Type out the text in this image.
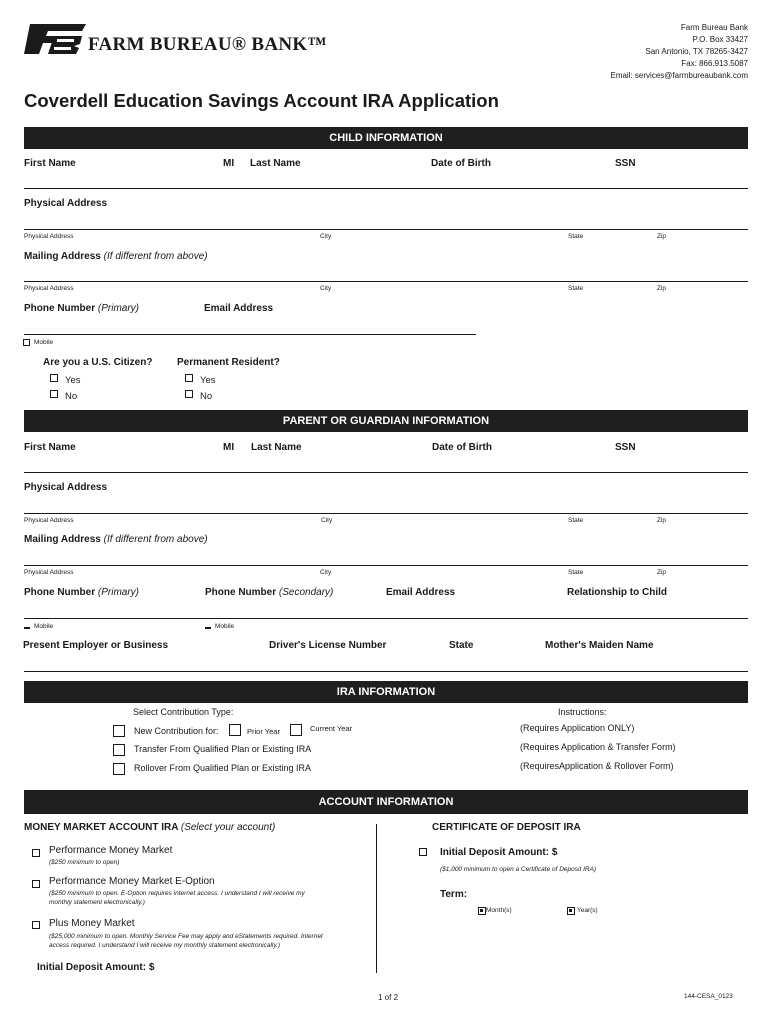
FARM BUREAU® BANK™
Farm Bureau Bank
P.O. Box 33427
San Antonio, TX 78265-3427
Fax: 866.913.5087
Email: services@farmbureaubank.com
Coverdell Education Savings Account IRA Application
CHILD INFORMATION
First Name	MI Last Name	Date of Birth	SSN
Physical Address
Physical Address	City	State	Zip
Mailing Address (If different from above)
Physical Address	City	State	Zip
Phone Number (Primary)	Email Address
Mobile
Are you a U.S. Citizen? Permanent Resident?
Yes
No
Yes
No
PARENT OR GUARDIAN INFORMATION
First Name	MI Last Name	Date of Birth	SSN
Physical Address
Physical Address	City	State	Zip
Mailing Address (If different from above)
Physical Address	City	State	Zip
Phone Number (Primary)	Phone Number (Secondary)	Email Address	Relationship to Child
Mobile	Mobile
Present Employer or Business	Driver's License Number	State	Mother's Maiden Name
IRA INFORMATION
Select Contribution Type:	Instructions:
New Contribution for:	Prior Year	Current Year	(Requires Application ONLY)
Transfer From Qualified Plan or Existing IRA	(Requires Application & Transfer Form)
Rollover From Qualified Plan or Existing IRA	(RequiresApplication & Rollover Form)
ACCOUNT INFORMATION
MONEY MARKET ACCOUNT IRA (Select your account)	CERTIFICATE OF DEPOSIT IRA
Performance Money Market
($250 minimum to open)
Performance Money Market E-Option
($250 minimum to open. E-Option requires internet access. I understand I will receive my monthly statement electronically.)
Plus Money Market
($25,000 minimum to open. Monthly Service Fee may apply and eStatements required. Internet access required. I understand I will receive my monthly statement electronically.)
Initial Deposit Amount: $
Initial Deposit Amount: $
($1,000 minimum to open a Certificate of Deposit IRA)
Term:
Month(s)	Year(s)
1 of 2	144-CESA_0123
